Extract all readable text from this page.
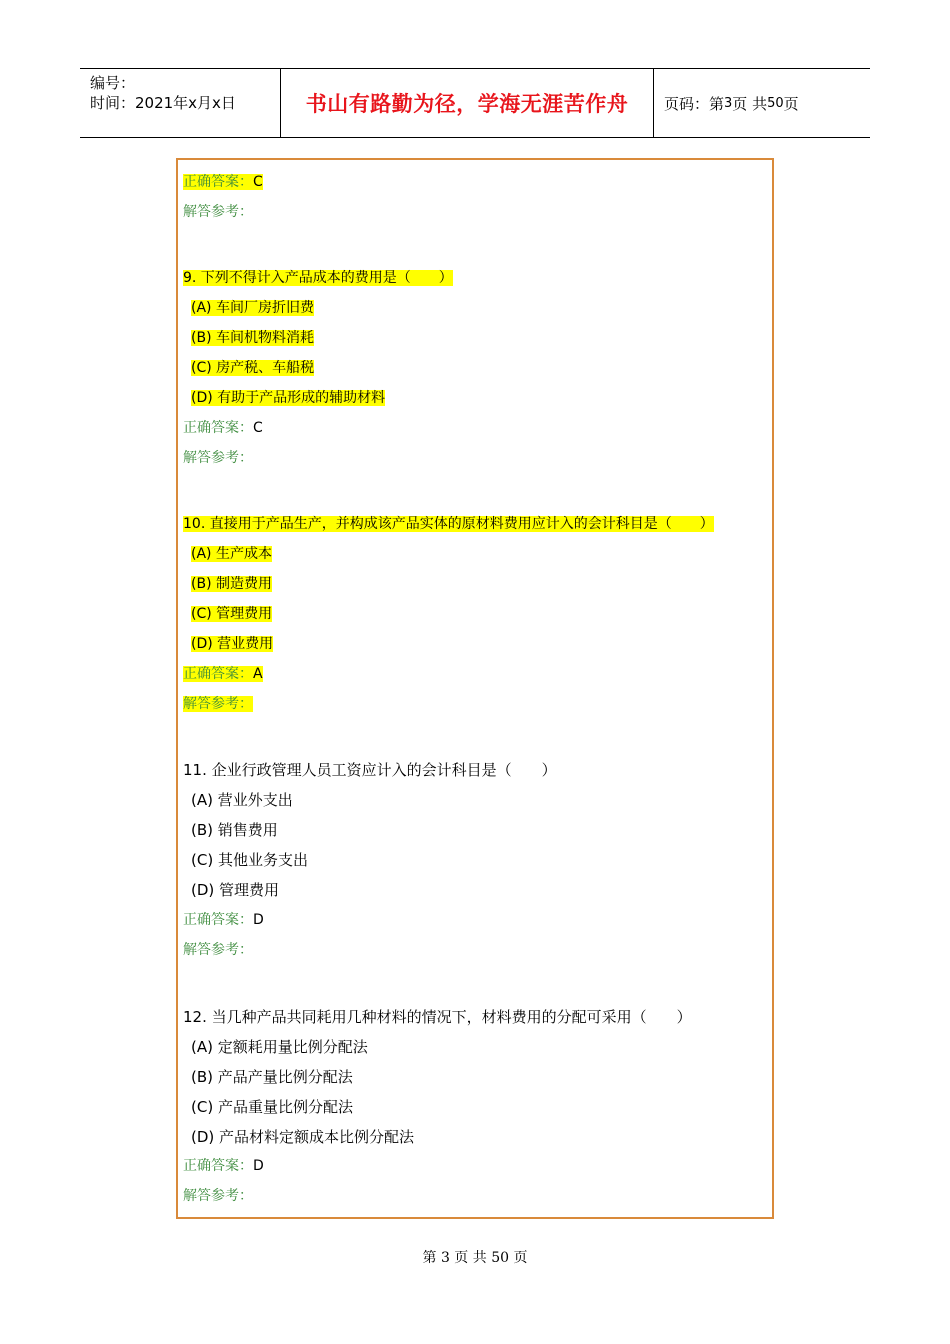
编号：
时间：2021年x月x日	书山有路勤为径，学海无涯苦作舟 页码：第 3 页 共 50 页
正确答案：C
解答参考：
9. 下列不得计入产品成本的费用是（　　）
(A) 车间厂房折旧费
(B) 车间机物料消耗
(C) 房产税、车船税
(D) 有助于产品形成的辅助材料
正确答案：C
解答参考：
10. 直接用于产品生产，并构成该产品实体的原材料费用应计入的会计科目是（　　）
(A) 生产成本
(B) 制造费用
(C) 管理费用
(D) 营业费用
正确答案：A
解答参考：
11. 企业行政管理人员工资应计入的会计科目是（　　）
(A) 营业外支出
(B) 销售费用
(C) 其他业务支出
(D) 管理费用
正确答案：D
解答参考：
12. 当几种产品共同耗用几种材料的情况下，材料费用的分配可采用（　　）
(A) 定额耗用量比例分配法
(B) 产品产量比例分配法
(C) 产品重量比例分配法
(D) 产品材料定额成本比例分配法
正确答案：D
解答参考：
第 3 页 共 50 页
